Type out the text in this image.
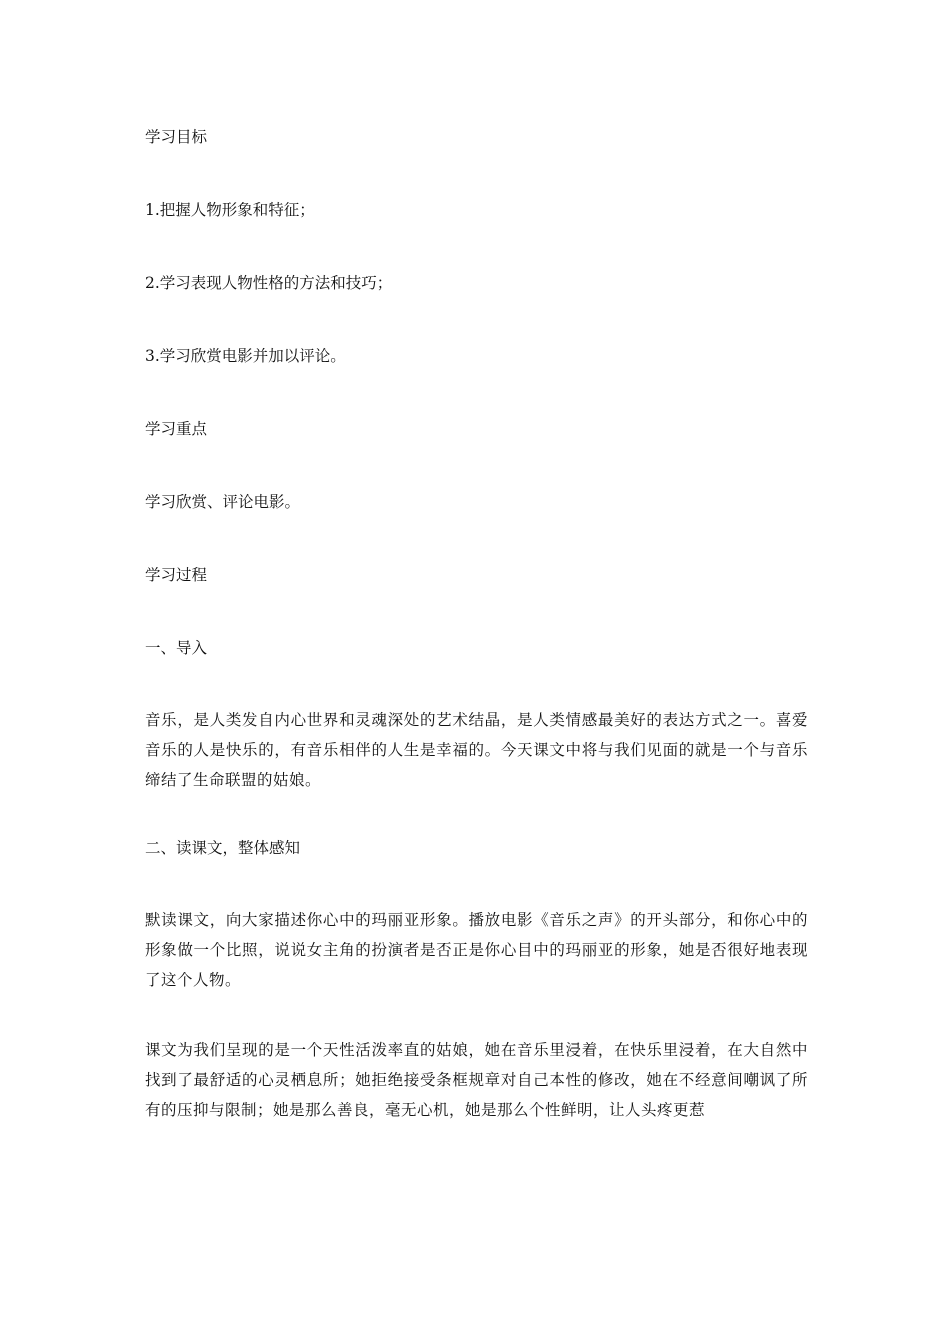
学习目标
1.把握人物形象和特征；
2.学习表现人物性格的方法和技巧；
3.学习欣赏电影并加以评论。
学习重点
学习欣赏、评论电影。
学习过程
一、导入
音乐，是人类发自内心世界和灵魂深处的艺术结晶，是人类情感最美好的表达方式之一。喜爱音乐的人是快乐的，有音乐相伴的人生是幸福的。今天课文中将与我们见面的就是一个与音乐缔结了生命联盟的姑娘。
二、读课文，整体感知
默读课文，向大家描述你心中的玛丽亚形象。播放电影《音乐之声》的开头部分，和你心中的形象做一个比照，说说女主角的扮演者是否正是你心目中的玛丽亚的形象，她是否很好地表现了这个人物。
课文为我们呈现的是一个天性活泼率直的姑娘，她在音乐里浸着，在快乐里浸着，在大自然中找到了最舒适的心灵栖息所；她拒绝接受条框规章对自己本性的修改，她在不经意间嘲讽了所有的压抑与限制；她是那么善良，毫无心机，她是那么个性鲜明，让人头疼更惹
